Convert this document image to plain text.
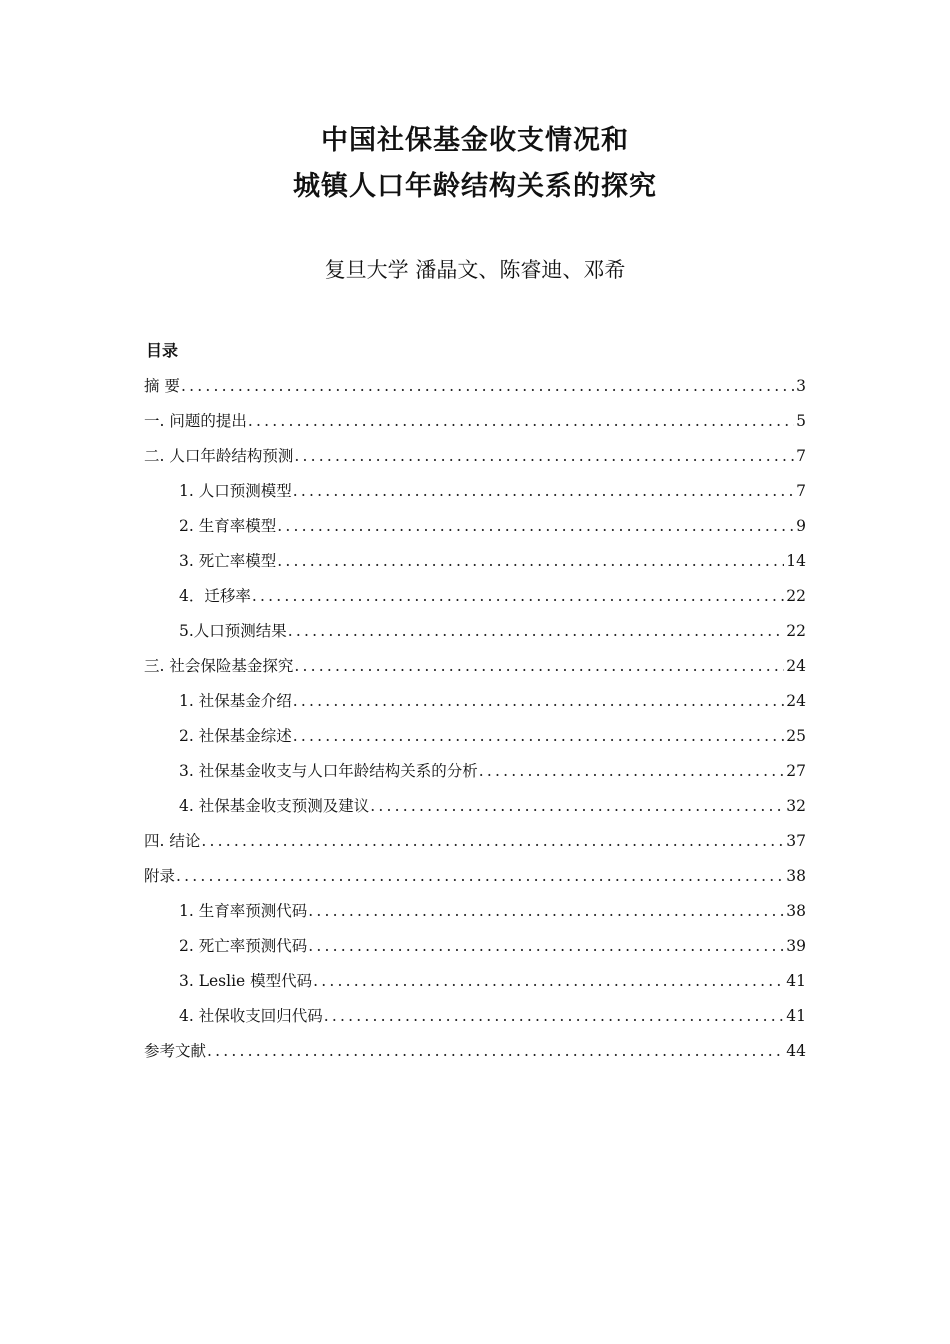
中国社保基金收支情况和
城镇人口年龄结构关系的探究
复旦大学 潘晶文、陈睿迪、邓希
目录
摘 要 .....	3
一. 问题的提出 .....	5
二. 人口年龄结构预测 .....	7
1. 人口预测模型 .....	7
2. 生育率模型 .....	9
3. 死亡率模型 .....	14
4．迁移率 .....	22
5.人口预测结果 .....	22
三. 社会保险基金探究 .....	24
1. 社保基金介绍 .....	24
2. 社保基金综述 .....	25
3. 社保基金收支与人口年龄结构关系的分析 .....	27
4. 社保基金收支预测及建议 .....	32
四. 结论 .....	37
附录 .....	38
1. 生育率预测代码 .....	38
2. 死亡率预测代码 .....	39
3. Leslie 模型代码 .....	41
4. 社保收支回归代码 .....	41
参考文献 .....	44
